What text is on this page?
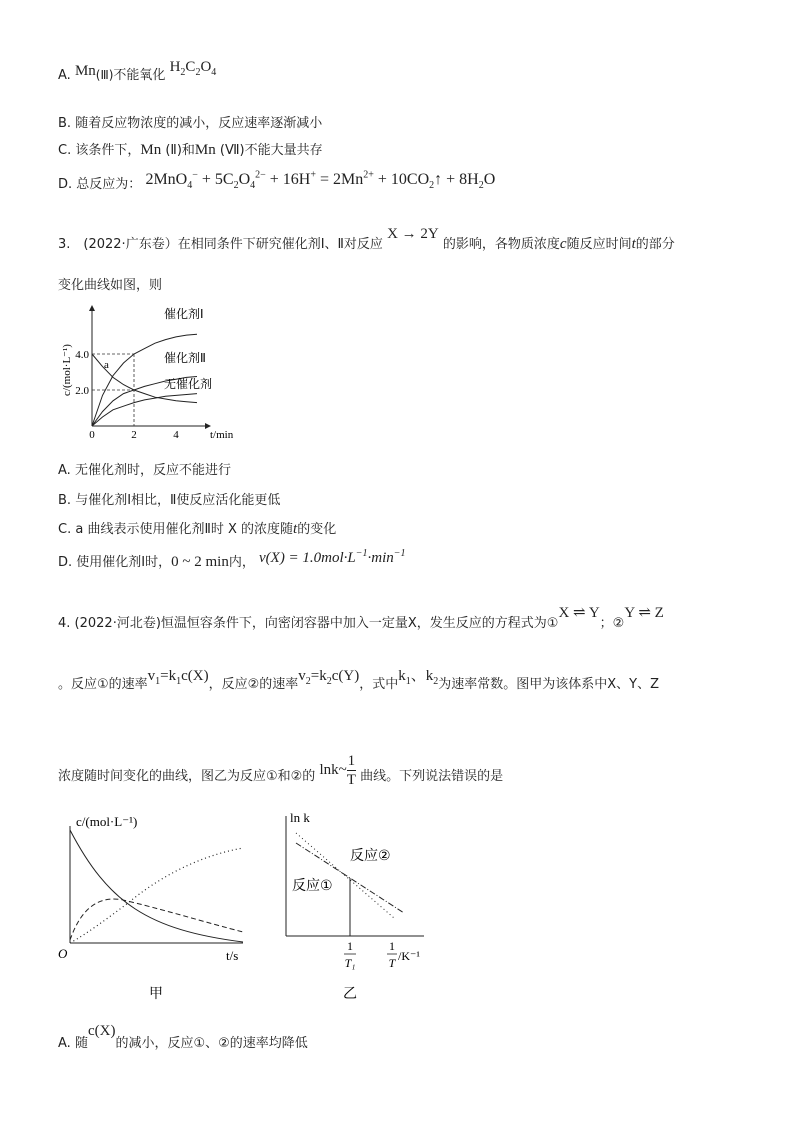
A. Mn(Ⅲ)不能氧化 $H_2C_2O_4$
B. 随着反应物浓度的减小，反应速率逐渐减小
C. 该条件下，Mn (Ⅱ)和Mn (Ⅶ)不能大量共存
D. 总反应为： $2MnO_4^- + 5C_2O_4^{2-} + 16H^+ = 2Mn^{2+}$ + $10CO_2↑ + 8H_2O$
3.　(2022·广东卷）在相同条件下研究催化剂Ⅰ、Ⅱ对反应 X → 2Y 的影响，各物质浓度c随反应时间t的部分
变化曲线如图，则
c/(mol·L⁻¹) 4.0
2.0
0	2	4	t/min
催化剂Ⅰ
催化剂Ⅱ
无催化剂
a
A. 无催化剂时，反应不能进行
B. 与催化剂Ⅰ相比，Ⅱ使反应活化能更低
C. a 曲线表示使用催化剂Ⅱ时 X 的浓度随t的变化
D. 使用催化剂Ⅰ时，0 ~ 2 min内， $v(X) = 1.0mol\cdot L^{-1}\cdot\min^{-1}$
4. (2022·河北卷)恒温恒容条件下，向密闭容器中加入一定量X，发生反应的方程式为①X ⇌ Y；②Y ⇌ Z
。反应①的速率$v_1=k_1c(X)$，反应②的速率$v_2=k_2c(Y)$，式中$k_1$、$k_2$为速率常数。图甲为该体系中X、Y、Z
浓度随时间变化的曲线，图乙为反应①和②的 lnk~ $\frac{1}{T}$ 曲线。下列说法错误的是
c/(mol·L⁻¹)
O	t/s
甲
ln k
反应②
反应①
1
T₁
1
T /K⁻¹
乙
A. 随c(X)的减小，反应①、②的速率均降低
